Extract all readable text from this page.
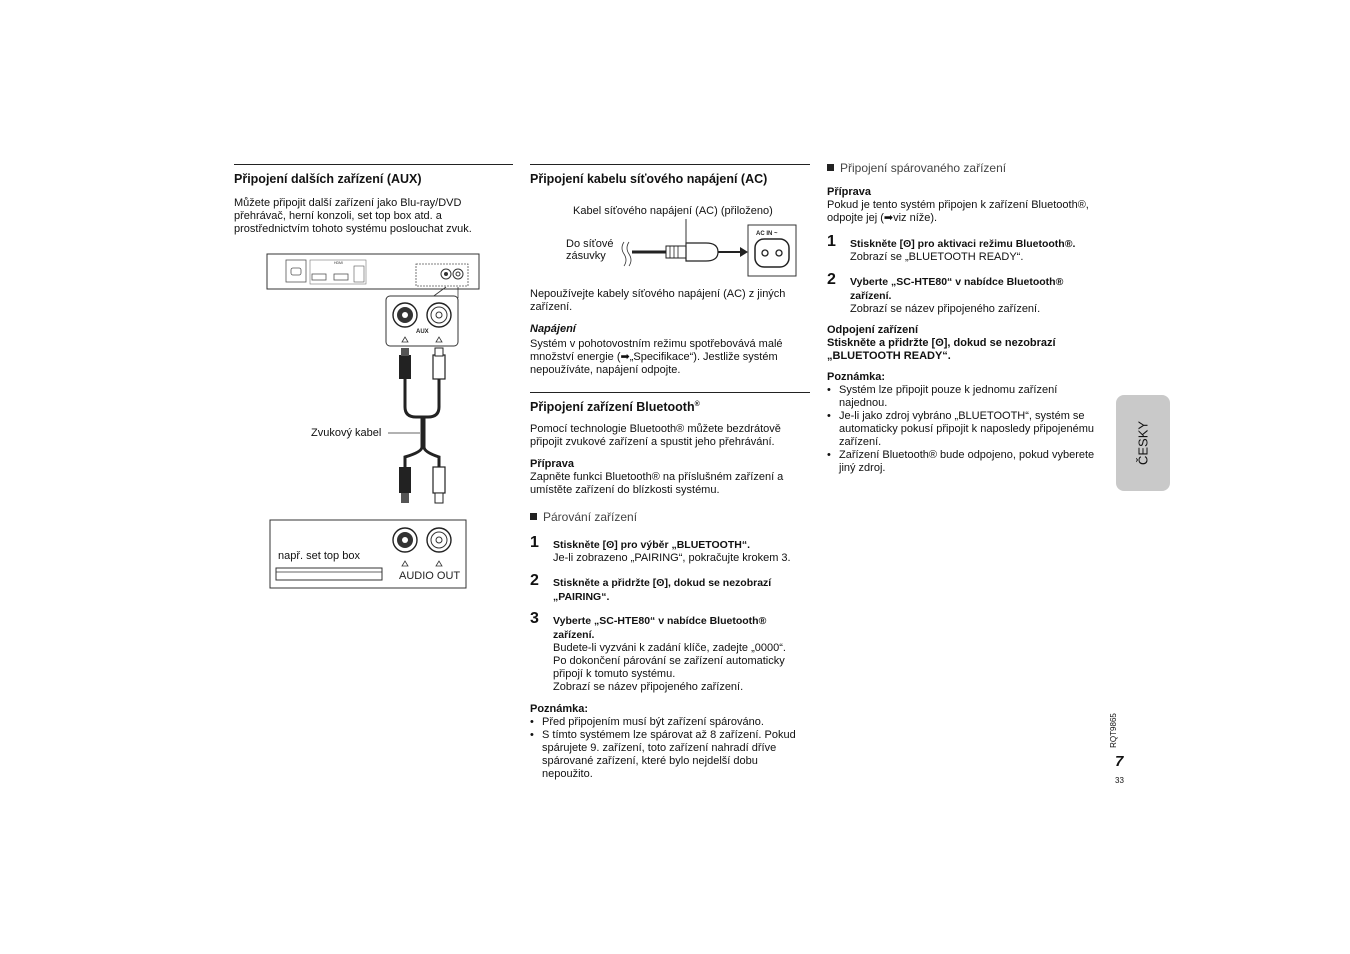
Připojení dalších zařízení (AUX)

Můžete připojit další zařízení jako Blu-ray/DVD

přehrávač, herní konzoli, set top box atd. a

prostřednictvím tohoto systému poslouchat zvuk.

HDMI
AUX
AUDIO OUT
Zvukový kabel
např. set top box
Připojení kabelu síťového napájení (AC)
Kabel síťového napájení (AC) (přiloženo)
Do síťové
zásuvky
AC IN ~

Nepoužívejte kabely síťového napájení (AC) z jiných

zařízení.

Napájení

Systém v pohotovostním režimu spotřebovává malé

množství energie (➡„Specifikace“). Jestliže systém

nepoužíváte, napájení odpojte.

Připojení zařízení Bluetooth®

Pomocí technologie Bluetooth® můžete bezdrátově

připojit zvukové zařízení a spustit jeho přehrávání.

Příprava

Zapněte funkci Bluetooth® na příslušném zařízení a

umístěte zařízení do blízkosti systému.

Párování zařízení

1 Stiskněte [ʘ] pro výběr „BLUETOOTH“.
Je-li zobrazeno „PAIRING“, pokračujte krokem 3.
2 Stiskněte a přidržte [ʘ], dokud se nezobrazí „PAIRING“.
3 Vyberte „SC-HTE80“ v nabídce Bluetooth® zařízení.
Budete-li vyzváni k zadání klíče, zadejte „0000“.
Po dokončení párování se zařízení automaticky
připojí k tomuto systému.
Zobrazí se název připojeného zařízení.

Poznámka:

• Před připojením musí být zařízení spárováno.
• S tímto systémem lze spárovat až 8 zařízení. Pokud spárujete 9. zařízení, toto zařízení nahradí dříve spárované zařízení, které bylo nejdelší dobu nepoužito.

Připojení spárovaného zařízení

Příprava

Pokud je tento systém připojen k zařízení Bluetooth®,

odpojte jej (➡viz níže).

1 Stiskněte [ʘ] pro aktivaci režimu Bluetooth®.
Zobrazí se „BLUETOOTH READY“.
2 Vyberte „SC-HTE80“ v nabídce Bluetooth® zařízení.
Zobrazí se název připojeného zařízení.

Odpojení zařízení

Stiskněte a přidržte [ʘ], dokud se nezobrazí

„BLUETOOTH READY“.

Poznámka:

• Systém lze připojit pouze k jednomu zařízení najednou.
• Je-li jako zdroj vybráno „BLUETOOTH“, systém se automaticky pokusí připojit k naposledy připojenému zařízení.
• Zařízení Bluetooth® bude odpojeno, pokud vyberete jiný zdroj.
ČESKY
RQT9865
7
33
